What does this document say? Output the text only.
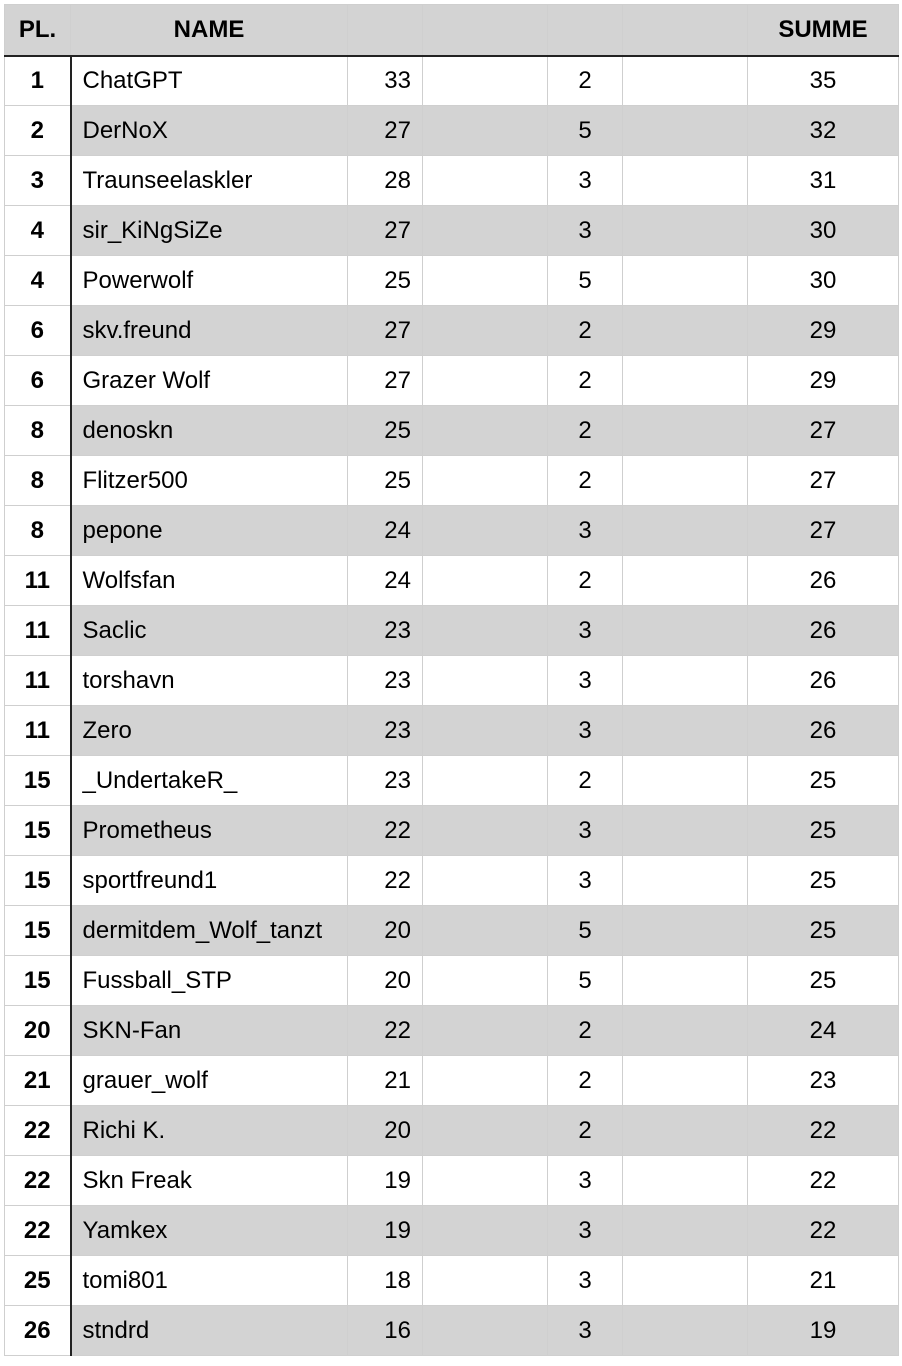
PL.	NAME					SUMME
1	ChatGPT	33		2		35
2	DerNoX	27		5		32
3	Traunseelaskler	28		3		31
4	sir_KiNgSiZe	27		3		30
4	Powerwolf	25		5		30
6	skv.freund	27		2		29
6	Grazer Wolf	27		2		29
8	denoskn	25		2		27
8	Flitzer500	25		2		27
8	pepone	24		3		27
11	Wolfsfan	24		2		26
11	Saclic	23		3		26
11	torshavn	23		3		26
11	Zero	23		3		26
15	_UndertakeR_	23		2		25
15	Prometheus	22		3		25
15	sportfreund1	22		3		25
15	dermitdem_Wolf_tanzt	20		5		25
15	Fussball_STP	20		5		25
20	SKN-Fan	22		2		24
21	grauer_wolf	21		2		23
22	Richi K.	20		2		22
22	Skn Freak	19		3		22
22	Yamkex	19		3		22
25	tomi801	18		3		21
26	stndrd	16		3		19
